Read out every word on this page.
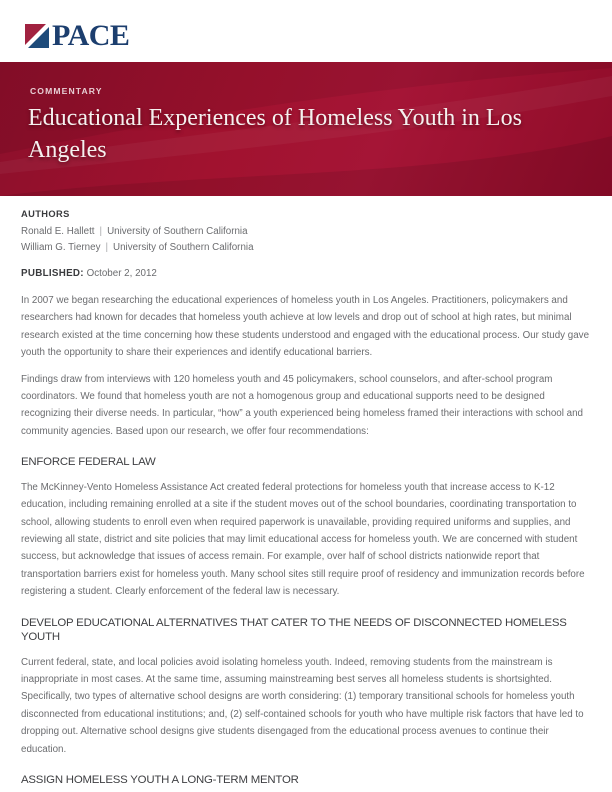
PACE
COMMENTARY
Educational Experiences of Homeless Youth in Los Angeles
AUTHORS
Ronald E. Hallett | University of Southern California
William G. Tierney | University of Southern California
PUBLISHED: October 2, 2012

In 2007 we began researching the educational experiences of homeless youth in Los Angeles. Practitioners, policymakers and researchers had known for decades that homeless youth achieve at low levels and drop out of school at high rates, but minimal research existed at the time concerning how these students understood and engaged with the educational process. Our study gave youth the opportunity to share their experiences and identify educational barriers.

Findings draw from interviews with 120 homeless youth and 45 policymakers, school counselors, and after-school program coordinators. We found that homeless youth are not a homogenous group and educational supports need to be designed recognizing their diverse needs. In particular, “how” a youth experienced being homeless framed their interactions with school and community agencies. Based upon our research, we offer four recommendations:

ENFORCE FEDERAL LAW

The McKinney-Vento Homeless Assistance Act created federal protections for homeless youth that increase access to K-12 education, including remaining enrolled at a site if the student moves out of the school boundaries, coordinating transportation to school, allowing students to enroll even when required paperwork is unavailable, providing required uniforms and supplies, and reviewing all state, district and site policies that may limit educational access for homeless youth. We are concerned with student success, but acknowledge that issues of access remain. For example, over half of school districts nationwide report that transportation barriers exist for homeless youth. Many school sites still require proof of residency and immunization records before registering a student. Clearly enforcement of the federal law is necessary.

DEVELOP EDUCATIONAL ALTERNATIVES THAT CATER TO THE NEEDS OF DISCONNECTED HOMELESS YOUTH

Current federal, state, and local policies avoid isolating homeless youth. Indeed, removing students from the mainstream is inappropriate in most cases. At the same time, assuming mainstreaming best serves all homeless students is shortsighted. Specifically, two types of alternative school designs are worth considering: (1) temporary transitional schools for homeless youth disconnected from educational institutions; and, (2) self-contained schools for youth who have multiple risk factors that have led to dropping out. Alternative school designs give students disengaged from the educational process avenues to continue their education.

ASSIGN HOMELESS YOUTH A LONG-TERM MENTOR
